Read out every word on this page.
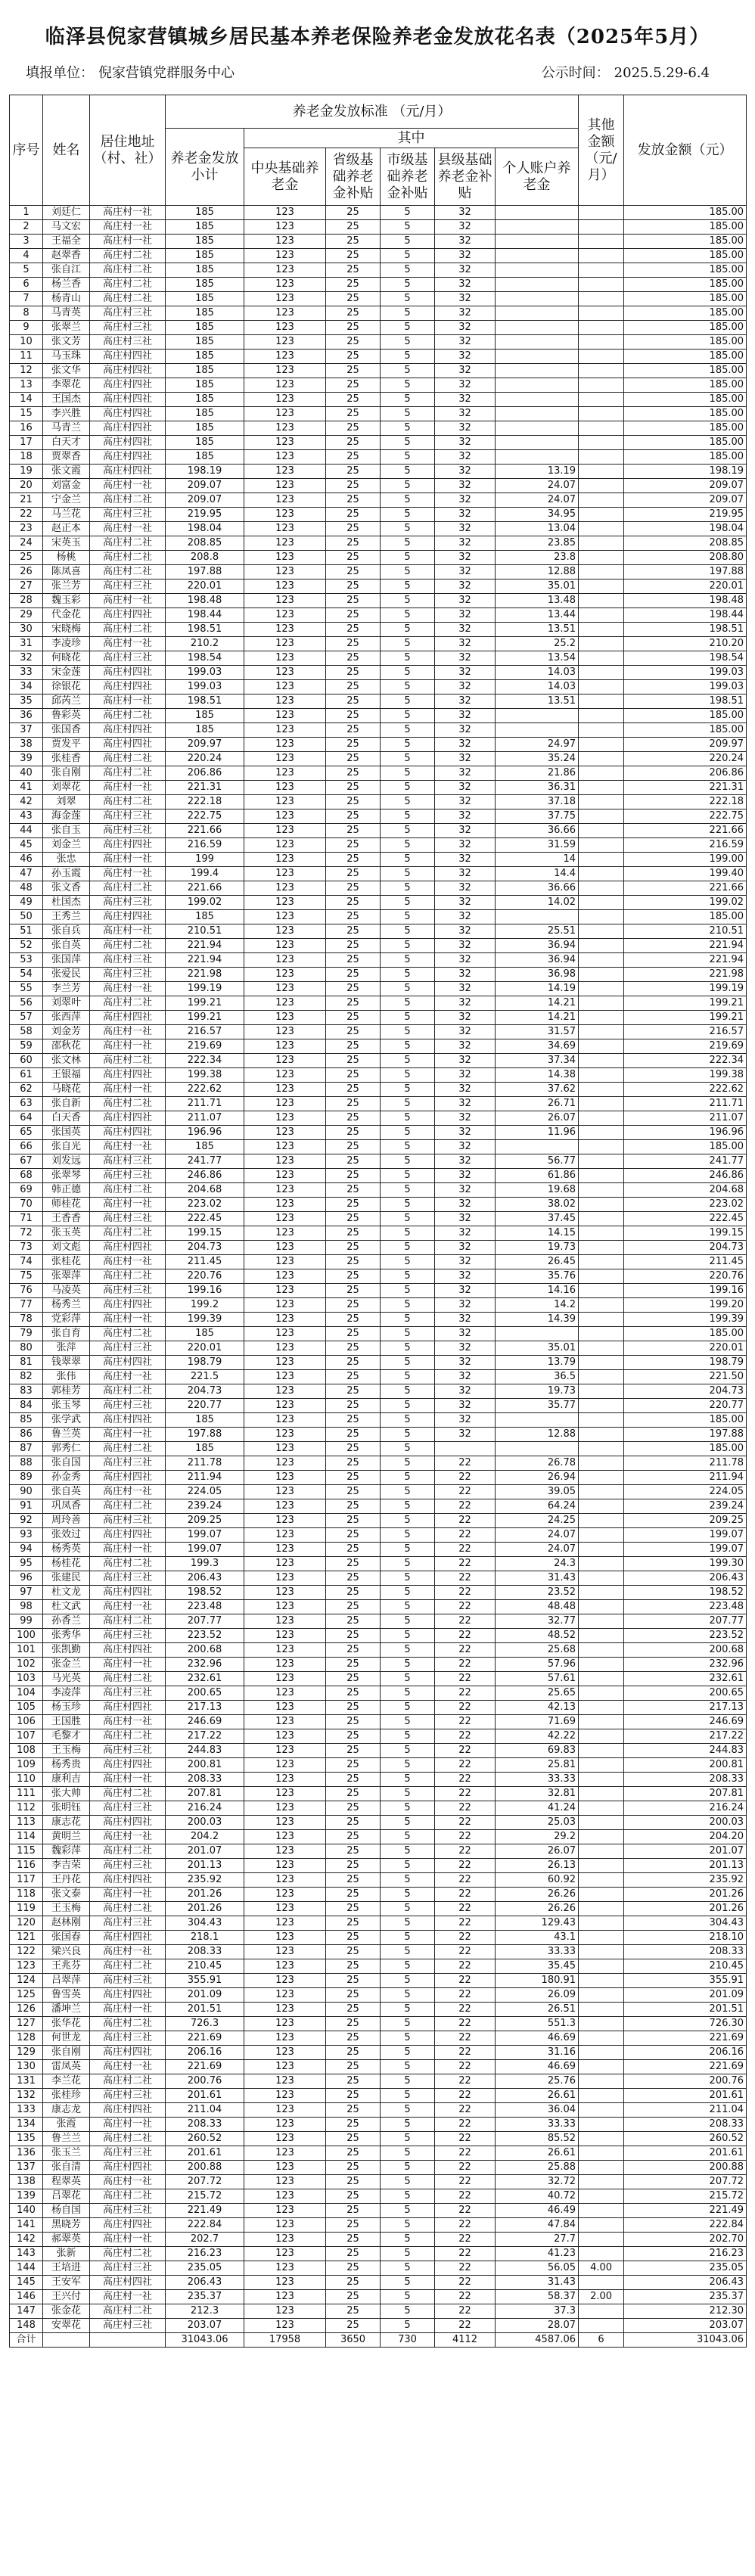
临泽县倪家营镇城乡居民基本养老保险养老金发放花名表（2025年5月）
填报单位： 倪家营镇党群服务中心	公示时间： 2025.5.29-6.4
序号	姓名	居住地址（村、社）	养老金发放标准 （元/月）						其他金额（元/月）	发放金额（元）
			养老金发放小计	其中						
				中央基础养老金	省级基础养老金补贴	市级基础养老金补贴	县级基础养老金补贴	个人账户养老金		
1	刘廷仁	高庄村一社	185	123	25	5	32			185.00
2	马文宏	高庄村一社	185	123	25	5	32			185.00
3	王福全	高庄村一社	185	123	25	5	32			185.00
4	赵翠香	高庄村二社	185	123	25	5	32			185.00
5	张自江	高庄村二社	185	123	25	5	32			185.00
6	杨兰香	高庄村二社	185	123	25	5	32			185.00
7	杨青山	高庄村二社	185	123	25	5	32			185.00
8	马青英	高庄村三社	185	123	25	5	32			185.00
9	张翠兰	高庄村三社	185	123	25	5	32			185.00
10	张文芳	高庄村三社	185	123	25	5	32			185.00
11	马玉珠	高庄村四社	185	123	25	5	32			185.00
12	张文华	高庄村四社	185	123	25	5	32			185.00
13	李翠花	高庄村四社	185	123	25	5	32			185.00
14	王国杰	高庄村四社	185	123	25	5	32			185.00
15	李兴胜	高庄村四社	185	123	25	5	32			185.00
16	马青兰	高庄村四社	185	123	25	5	32			185.00
17	白天才	高庄村四社	185	123	25	5	32			185.00
18	贾翠香	高庄村四社	185	123	25	5	32			185.00
19	张文霞	高庄村四社	198.19	123	25	5	32	13.19		198.19
20	刘富金	高庄村一社	209.07	123	25	5	32	24.07		209.07
21	宁金兰	高庄村二社	209.07	123	25	5	32	24.07		209.07
22	马兰花	高庄村三社	219.95	123	25	5	32	34.95		219.95
23	赵正本	高庄村一社	198.04	123	25	5	32	13.04		198.04
24	宋英玉	高庄村二社	208.85	123	25	5	32	23.85		208.85
25	杨桃	高庄村二社	208.8	123	25	5	32	23.8		208.80
26	陈凤喜	高庄村二社	197.88	123	25	5	32	12.88		197.88
27	张兰芳	高庄村三社	220.01	123	25	5	32	35.01		220.01
28	魏玉彩	高庄村一社	198.48	123	25	5	32	13.48		198.48
29	代金花	高庄村四社	198.44	123	25	5	32	13.44		198.44
30	宋晓梅	高庄村二社	198.51	123	25	5	32	13.51		198.51
31	李凌珍	高庄村一社	210.2	123	25	5	32	25.2		210.20
32	何晓花	高庄村三社	198.54	123	25	5	32	13.54		198.54
33	宋金莲	高庄村四社	199.03	123	25	5	32	14.03		199.03
34	徐银花	高庄村四社	199.03	123	25	5	32	14.03		199.03
35	邱芮兰	高庄村一社	198.51	123	25	5	32	13.51		198.51
36	鲁彩英	高庄村二社	185	123	25	5	32			185.00
37	张国香	高庄村四社	185	123	25	5	32			185.00
38	贾发平	高庄村四社	209.97	123	25	5	32	24.97		209.97
39	张桂香	高庄村二社	220.24	123	25	5	32	35.24		220.24
40	张自刚	高庄村二社	206.86	123	25	5	32	21.86		206.86
41	刘翠花	高庄村一社	221.31	123	25	5	32	36.31		221.31
42	刘翠	高庄村二社	222.18	123	25	5	32	37.18		222.18
43	海金莲	高庄村三社	222.75	123	25	5	32	37.75		222.75
44	张自玉	高庄村三社	221.66	123	25	5	32	36.66		221.66
45	刘金兰	高庄村四社	216.59	123	25	5	32	31.59		216.59
46	张忠	高庄村一社	199	123	25	5	32	14		199.00
47	孙玉霞	高庄村一社	199.4	123	25	5	32	14.4		199.40
48	张文香	高庄村二社	221.66	123	25	5	32	36.66		221.66
49	杜国杰	高庄村三社	199.02	123	25	5	32	14.02		199.02
50	王秀兰	高庄村四社	185	123	25	5	32			185.00
51	张自兵	高庄村一社	210.51	123	25	5	32	25.51		210.51
52	张自英	高庄村二社	221.94	123	25	5	32	36.94		221.94
53	张国萍	高庄村三社	221.94	123	25	5	32	36.94		221.94
54	张爱民	高庄村三社	221.98	123	25	5	32	36.98		221.98
55	李兰芳	高庄村一社	199.19	123	25	5	32	14.19		199.19
56	刘翠叶	高庄村二社	199.21	123	25	5	32	14.21		199.21
57	张西萍	高庄村四社	199.21	123	25	5	32	14.21		199.21
58	刘金芳	高庄村一社	216.57	123	25	5	32	31.57		216.57
59	邵秋花	高庄村一社	219.69	123	25	5	32	34.69		219.69
60	张文林	高庄村二社	222.34	123	25	5	32	37.34		222.34
61	王银福	高庄村四社	199.38	123	25	5	32	14.38		199.38
62	马晓花	高庄村一社	222.62	123	25	5	32	37.62		222.62
63	张自新	高庄村二社	211.71	123	25	5	32	26.71		211.71
64	白天香	高庄村四社	211.07	123	25	5	32	26.07		211.07
65	张国英	高庄村四社	196.96	123	25	5	32	11.96		196.96
66	张自光	高庄村一社	185	123	25	5	32			185.00
67	刘发远	高庄村三社	241.77	123	25	5	32	56.77		241.77
68	张翠琴	高庄村三社	246.86	123	25	5	32	61.86		246.86
69	韩正德	高庄村二社	204.68	123	25	5	32	19.68		204.68
70	师桂花	高庄村一社	223.02	123	25	5	32	38.02		223.02
71	王香香	高庄村三社	222.45	123	25	5	32	37.45		222.45
72	张玉英	高庄村二社	199.15	123	25	5	32	14.15		199.15
73	刘文彪	高庄村四社	204.73	123	25	5	32	19.73		204.73
74	张桂花	高庄村一社	211.45	123	25	5	32	26.45		211.45
75	张翠萍	高庄村二社	220.76	123	25	5	32	35.76		220.76
76	马凌英	高庄村三社	199.16	123	25	5	32	14.16		199.16
77	杨秀兰	高庄村四社	199.2	123	25	5	32	14.2		199.20
78	党彩萍	高庄村一社	199.39	123	25	5	32	14.39		199.39
79	张自育	高庄村二社	185	123	25	5	32			185.00
80	张萍	高庄村三社	220.01	123	25	5	32	35.01		220.01
81	钱翠翠	高庄村四社	198.79	123	25	5	32	13.79		198.79
82	张伟	高庄村一社	221.5	123	25	5	32	36.5		221.50
83	郭桂芳	高庄村二社	204.73	123	25	5	32	19.73		204.73
84	张玉琴	高庄村三社	220.77	123	25	5	32	35.77		220.77
85	张学武	高庄村四社	185	123	25	5	32			185.00
86	鲁兰英	高庄村一社	197.88	123	25	5	32	12.88		197.88
87	郭秀仁	高庄村二社	185	123	25	5				185.00
88	张自国	高庄村三社	211.78	123	25	5	22	26.78		211.78
89	孙金秀	高庄村四社	211.94	123	25	5	22	26.94		211.94
90	张自英	高庄村一社	224.05	123	25	5	22	39.05		224.05
91	巩凤香	高庄村二社	239.24	123	25	5	22	64.24		239.24
92	周玲善	高庄村三社	209.25	123	25	5	22	24.25		209.25
93	张效过	高庄村四社	199.07	123	25	5	22	24.07		199.07
94	杨秀英	高庄村一社	199.07	123	25	5	22	24.07		199.07
95	杨桂花	高庄村二社	199.3	123	25	5	22	24.3		199.30
96	张建民	高庄村三社	206.43	123	25	5	22	31.43		206.43
97	杜文龙	高庄村四社	198.52	123	25	5	22	23.52		198.52
98	杜文武	高庄村一社	223.48	123	25	5	22	48.48		223.48
99	孙香兰	高庄村二社	207.77	123	25	5	22	32.77		207.77
100	张秀华	高庄村三社	223.52	123	25	5	22	48.52		223.52
101	张凯勤	高庄村四社	200.68	123	25	5	22	25.68		200.68
102	张金兰	高庄村一社	232.96	123	25	5	22	57.96		232.96
103	马光英	高庄村二社	232.61	123	25	5	22	57.61		232.61
104	李凌萍	高庄村三社	200.65	123	25	5	22	25.65		200.65
105	杨玉珍	高庄村四社	217.13	123	25	5	22	42.13		217.13
106	王国胜	高庄村一社	246.69	123	25	5	22	71.69		246.69
107	毛黎才	高庄村二社	217.22	123	25	5	22	42.22		217.22
108	王玉梅	高庄村三社	244.83	123	25	5	22	69.83		244.83
109	杨秀贵	高庄村四社	200.81	123	25	5	22	25.81		200.81
110	康利吉	高庄村一社	208.33	123	25	5	22	33.33		208.33
111	张大帅	高庄村二社	207.81	123	25	5	22	32.81		207.81
112	张明钰	高庄村三社	216.24	123	25	5	22	41.24		216.24
113	康志花	高庄村四社	200.03	123	25	5	22	25.03		200.03
114	黄明兰	高庄村一社	204.2	123	25	5	22	29.2		204.20
115	魏彩萍	高庄村二社	201.07	123	25	5	22	26.07		201.07
116	李吉荣	高庄村三社	201.13	123	25	5	22	26.13		201.13
117	王丹花	高庄村四社	235.92	123	25	5	22	60.92		235.92
118	张文泰	高庄村一社	201.26	123	25	5	22	26.26		201.26
119	王玉梅	高庄村二社	201.26	123	25	5	22	26.26		201.26
120	赵林刚	高庄村三社	304.43	123	25	5	22	129.43		304.43
121	张国春	高庄村四社	218.1	123	25	5	22	43.1		218.10
122	梁兴良	高庄村一社	208.33	123	25	5	22	33.33		208.33
123	王兆芬	高庄村二社	210.45	123	25	5	22	35.45		210.45
124	吕翠萍	高庄村三社	355.91	123	25	5	22	180.91		355.91
125	鲁雪英	高庄村四社	201.09	123	25	5	22	26.09		201.09
126	潘坤兰	高庄村一社	201.51	123	25	5	22	26.51		201.51
127	张华花	高庄村二社	726.3	123	25	5	22	551.3		726.30
128	何世龙	高庄村三社	221.69	123	25	5	22	46.69		221.69
129	张自刚	高庄村四社	206.16	123	25	5	22	31.16		206.16
130	雷凤英	高庄村一社	221.69	123	25	5	22	46.69		221.69
131	李兰花	高庄村二社	200.76	123	25	5	22	25.76		200.76
132	张桂珍	高庄村三社	201.61	123	25	5	22	26.61		201.61
133	康志龙	高庄村四社	211.04	123	25	5	22	36.04		211.04
134	张霞	高庄村一社	208.33	123	25	5	22	33.33		208.33
135	鲁兰兰	高庄村二社	260.52	123	25	5	22	85.52		260.52
136	张玉兰	高庄村三社	201.61	123	25	5	22	26.61		201.61
137	张自清	高庄村四社	200.88	123	25	5	22	25.88		200.88
138	程翠英	高庄村一社	207.72	123	25	5	22	32.72		207.72
139	吕翠花	高庄村二社	215.72	123	25	5	22	40.72		215.72
140	杨自国	高庄村三社	221.49	123	25	5	22	46.49		221.49
141	黑晓芳	高庄村四社	222.84	123	25	5	22	47.84		222.84
142	郝翠英	高庄村一社	202.7	123	25	5	22	27.7		202.70
143	张新	高庄村二社	216.23	123	25	5	22	41.23		216.23
144	王培进	高庄村三社	235.05	123	25	5	22	56.05	4.00	235.05
145	王安军	高庄村四社	206.43	123	25	5	22	31.43		206.43
146	王兴付	高庄村一社	235.37	123	25	5	22	58.37	2.00	235.37
147	张金花	高庄村二社	212.3	123	25	5	22	37.3		212.30
148	安翠花	高庄村三社	203.07	123	25	5	22	28.07		203.07
合计			31043.06	17958	3650	730	4112	4587.06	6	31043.06
